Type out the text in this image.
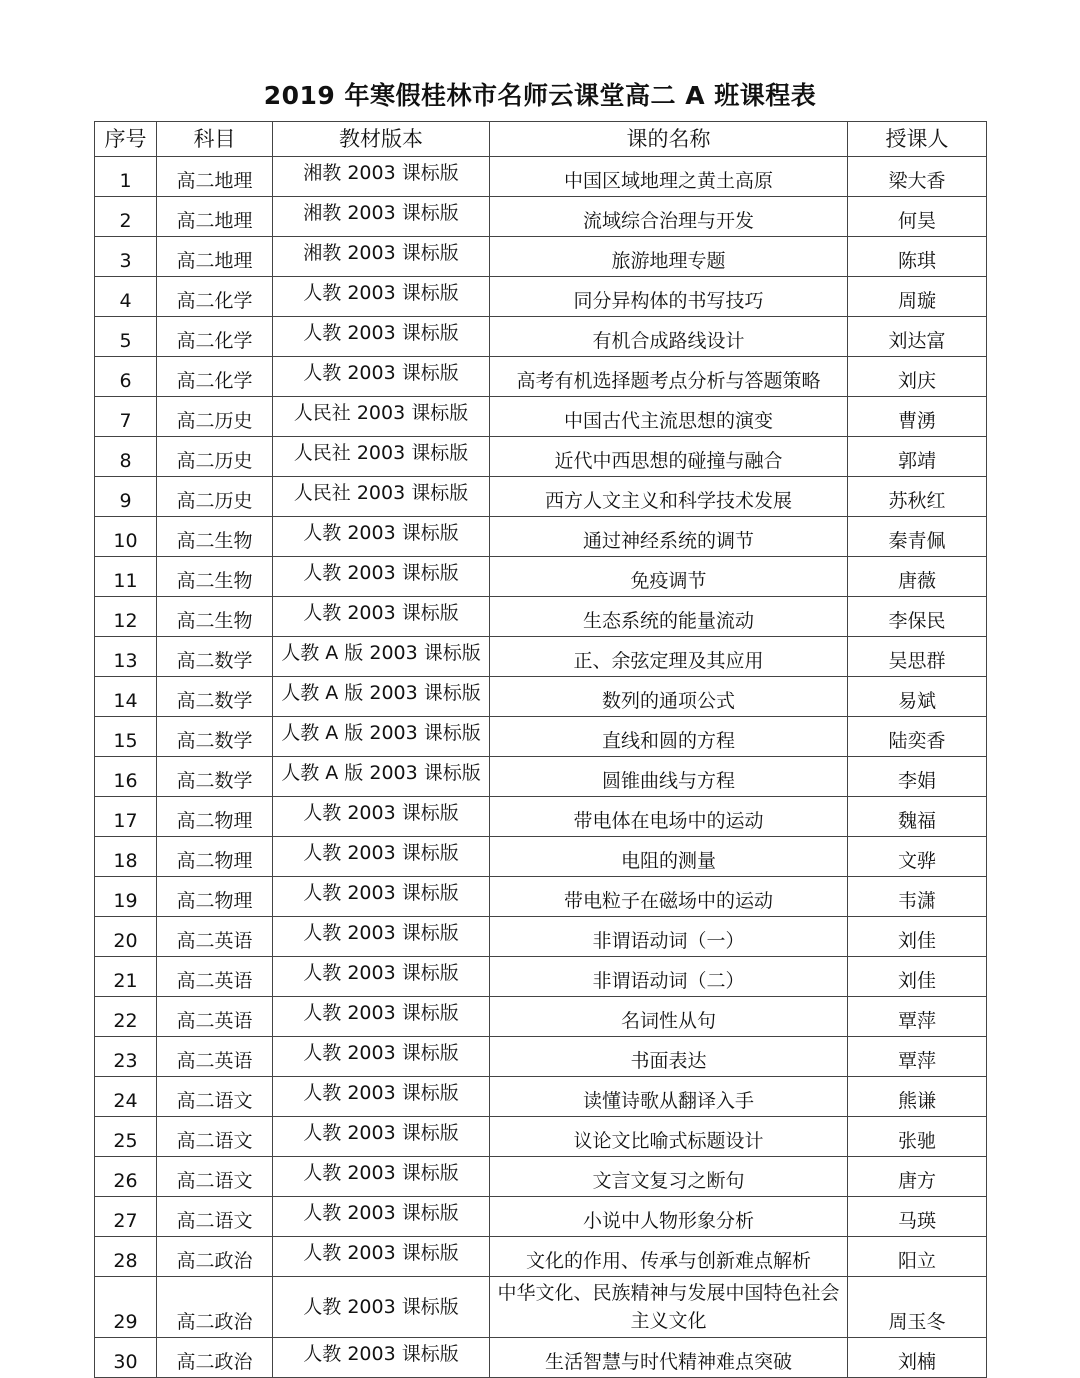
2019 年寒假桂林市名师云课堂高二 A 班课程表
序号	科目	教材版本	课的名称	授课人
1	高二地理	湘教 2003 课标版	中国区域地理之黄土高原	梁大香
2	高二地理	湘教 2003 课标版	流域综合治理与开发	何昊
3	高二地理	湘教 2003 课标版	旅游地理专题	陈琪
4	高二化学	人教 2003 课标版	同分异构体的书写技巧	周璇
5	高二化学	人教 2003 课标版	有机合成路线设计	刘达富
6	高二化学	人教 2003 课标版	高考有机选择题考点分析与答题策略	刘庆
7	高二历史	人民社 2003 课标版	中国古代主流思想的演变	曹湧
8	高二历史	人民社 2003 课标版	近代中西思想的碰撞与融合	郭靖
9	高二历史	人民社 2003 课标版	西方人文主义和科学技术发展	苏秋红
10	高二生物	人教 2003 课标版	通过神经系统的调节	秦青佩
11	高二生物	人教 2003 课标版	免疫调节	唐薇
12	高二生物	人教 2003 课标版	生态系统的能量流动	李保民
13	高二数学	人教 A 版 2003 课标版	正、余弦定理及其应用	吴思群
14	高二数学	人教 A 版 2003 课标版	数列的通项公式	易斌
15	高二数学	人教 A 版 2003 课标版	直线和圆的方程	陆奕香
16	高二数学	人教 A 版 2003 课标版	圆锥曲线与方程	李娟
17	高二物理	人教 2003 课标版	带电体在电场中的运动	魏福
18	高二物理	人教 2003 课标版	电阻的测量	文骅
19	高二物理	人教 2003 课标版	带电粒子在磁场中的运动	韦潇
20	高二英语	人教 2003 课标版	非谓语动词（一）	刘佳
21	高二英语	人教 2003 课标版	非谓语动词（二）	刘佳
22	高二英语	人教 2003 课标版	名词性从句	覃萍
23	高二英语	人教 2003 课标版	书面表达	覃萍
24	高二语文	人教 2003 课标版	读懂诗歌从翻译入手	熊谦
25	高二语文	人教 2003 课标版	议论文比喻式标题设计	张驰
26	高二语文	人教 2003 课标版	文言文复习之断句	唐方
27	高二语文	人教 2003 课标版	小说中人物形象分析	马瑛
28	高二政治	人教 2003 课标版	文化的作用、传承与创新难点解析	阳立
29	高二政治	人教 2003 课标版	中华文化、民族精神与发展中国特色社会主义文化	周玉冬
30	高二政治	人教 2003 课标版	生活智慧与时代精神难点突破	刘楠
